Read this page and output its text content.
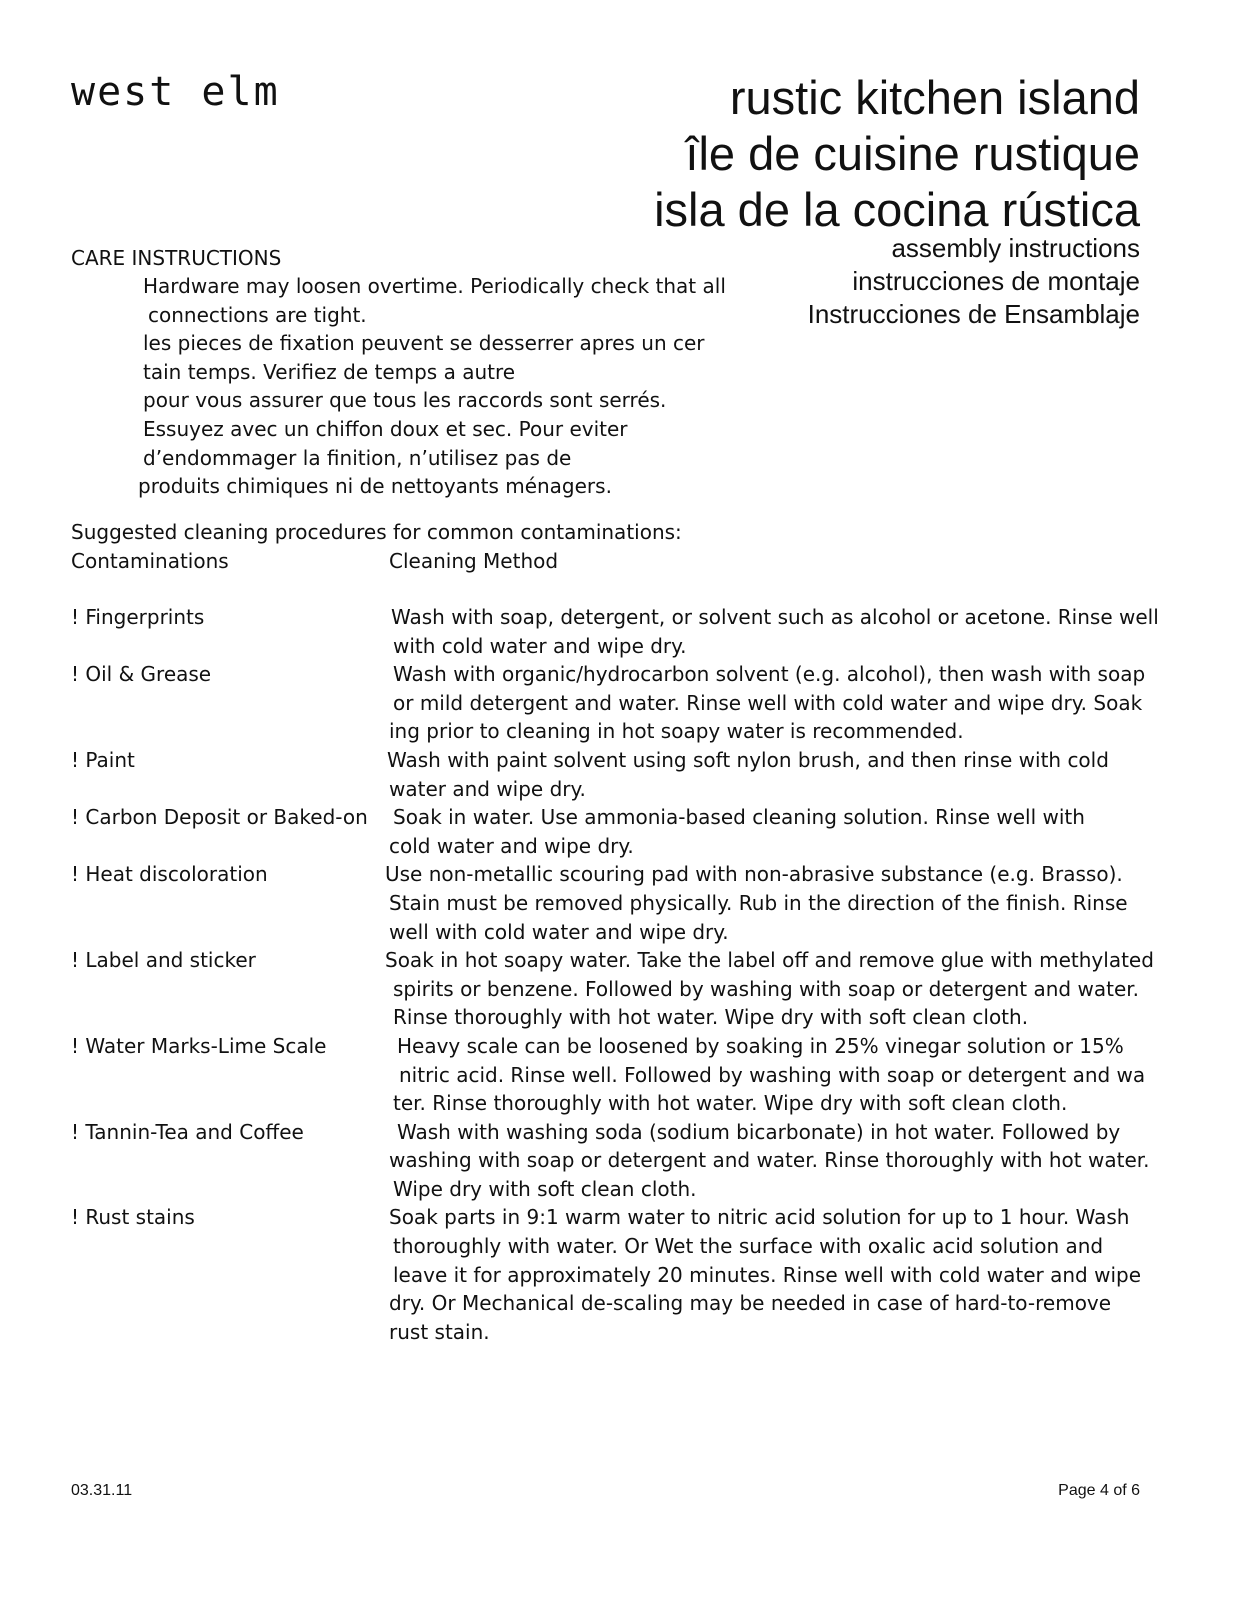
west elm	rustic kitchen island
île de cuisine rustique
isla de la cocina rústica
assembly instructions
instrucciones de montaje
Instrucciones de Ensamblaje
CARE INSTRUCTIONS
Hardware may loosen overtime. Periodically check that all
connections are tight.
les pieces de fixation peuvent se desserrer apres un cer
tain temps. Verifiez de temps a autre
pour vous assurer que tous les raccords sont serrés.
Essuyez avec un chiffon doux et sec. Pour eviter
d’endommager la finition, n’utilisez pas de
produits chimiques ni de nettoyants ménagers.
Suggested cleaning procedures for common contaminations:
Contaminations	Cleaning Method
! Fingerprints	Wash with soap, detergent, or solvent such as alcohol or acetone. Rinse well
with cold water and wipe dry.
! Oil & Grease	Wash with organic/hydrocarbon solvent (e.g. alcohol), then wash with soap
or mild detergent and water. Rinse well with cold water and wipe dry. Soak
ing prior to cleaning in hot soapy water is recommended.
! Paint	Wash with paint solvent using soft nylon brush, and then rinse with cold
water and wipe dry.
! Carbon Deposit or Baked-on	Soak in water. Use ammonia-based cleaning solution. Rinse well with
cold water and wipe dry.
! Heat discoloration	Use non-metallic scouring pad with non-abrasive substance (e.g. Brasso).
Stain must be removed physically. Rub in the direction of the finish. Rinse
well with cold water and wipe dry.
! Label and sticker	Soak in hot soapy water. Take the label off and remove glue with methylated
spirits or benzene. Followed by washing with soap or detergent and water.
Rinse thoroughly with hot water. Wipe dry with soft clean cloth.
! Water Marks-Lime Scale	Heavy scale can be loosened by soaking in 25% vinegar solution or 15%
nitric acid. Rinse well. Followed by washing with soap or detergent and wa
ter. Rinse thoroughly with hot water. Wipe dry with soft clean cloth.
! Tannin-Tea and Coffee	Wash with washing soda (sodium bicarbonate) in hot water. Followed by
washing with soap or detergent and water. Rinse thoroughly with hot water.
Wipe dry with soft clean cloth.
! Rust stains	Soak parts in 9:1 warm water to nitric acid solution for up to 1 hour. Wash
thoroughly with water. Or Wet the surface with oxalic acid solution and
leave it for approximately 20 minutes. Rinse well with cold water and wipe
dry. Or Mechanical de-scaling may be needed in case of hard-to-remove
rust stain.
03.31.11	Page 4 of 6
